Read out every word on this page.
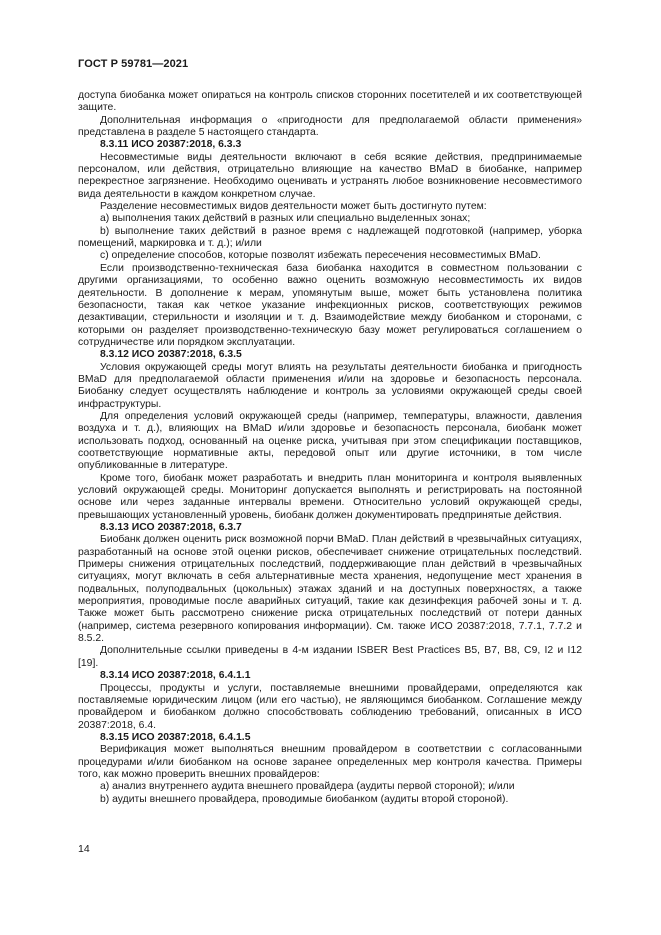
ГОСТ Р 59781—2021

доступа биобанка может опираться на контроль списков сторонних посетителей и их соответствующей защите.

Дополнительная информация о «пригодности для предполагаемой области применения» представлена в разделе 5 настоящего стандарта.

8.3.11 ИСО 20387:2018, 6.3.3

Несовместимые виды деятельности включают в себя всякие действия, предпринимаемые персоналом, или действия, отрицательно влияющие на качество BMaD в биобанке, например перекрестное загрязнение. Необходимо оценивать и устранять любое возникновение несовместимого вида деятельности в каждом конкретном случае.

Разделение несовместимых видов деятельности может быть достигнуто путем:

a) выполнения таких действий в разных или специально выделенных зонах;

b) выполнение таких действий в разное время с надлежащей подготовкой (например, уборка помещений, маркировка и т. д.); и/или

c) определение способов, которые позволят избежать пересечения несовместимых BMaD.

Если производственно-техническая база биобанка находится в совместном пользовании с другими организациями, то особенно важно оценить возможную несовместимость их видов деятельности. В дополнение к мерам, упомянутым выше, может быть установлена политика безопасности, такая как четкое указание инфекционных рисков, соответствующих режимов дезактивации, стерильности и изоляции и т. д. Взаимодействие между биобанком и сторонами, с которыми он разделяет производственно-техническую базу может регулироваться соглашением о сотрудничестве или порядком эксплуатации.

8.3.12 ИСО 20387:2018, 6.3.5

Условия окружающей среды могут влиять на результаты деятельности биобанка и пригодность BMaD для предполагаемой области применения и/или на здоровье и безопасность персонала. Биобанку следует осуществлять наблюдение и контроль за условиями окружающей среды своей инфраструктуры.

Для определения условий окружающей среды (например, температуры, влажности, давления воздуха и т. д.), влияющих на BMaD и/или здоровье и безопасность персонала, биобанк может использовать подход, основанный на оценке риска, учитывая при этом спецификации поставщиков, соответствующие нормативные акты, передовой опыт или другие источники, в том числе опубликованные в литературе.

Кроме того, биобанк может разработать и внедрить план мониторинга и контроля выявленных условий окружающей среды. Мониторинг допускается выполнять и регистрировать на постоянной основе или через заданные интервалы времени. Относительно условий окружающей среды, превышающих установленный уровень, биобанк должен документировать предпринятые действия.

8.3.13 ИСО 20387:2018, 6.3.7

Биобанк должен оценить риск возможной порчи BMaD. План действий в чрезвычайных ситуациях, разработанный на основе этой оценки рисков, обеспечивает снижение отрицательных последствий. Примеры снижения отрицательных последствий, поддерживающие план действий в чрезвычайных ситуациях, могут включать в себя альтернативные места хранения, недопущение мест хранения в подвальных, полуподвальных (цокольных) этажах зданий и на доступных поверхностях, а также мероприятия, проводимые после аварийных ситуаций, такие как дезинфекция рабочей зоны и т. д. Также может быть рассмотрено снижение риска отрицательных последствий от потери данных (например, система резервного копирования информации). См. также ИСО 20387:2018, 7.7.1, 7.7.2 и 8.5.2.

Дополнительные ссылки приведены в 4-м издании ISBER Best Practices B5, B7, B8, C9, I2 и I12 [19].

8.3.14 ИСО 20387:2018, 6.4.1.1

Процессы, продукты и услуги, поставляемые внешними провайдерами, определяются как поставляемые юридическим лицом (или его частью), не являющимся биобанком. Соглашение между провайдером и биобанком должно способствовать соблюдению требований, описанных в ИСО 20387:2018, 6.4.

8.3.15 ИСО 20387:2018, 6.4.1.5

Верификация может выполняться внешним провайдером в соответствии с согласованными процедурами и/или биобанком на основе заранее определенных мер контроля качества. Примеры того, как можно проверить внешних провайдеров:

a) анализ внутреннего аудита внешнего провайдера (аудиты первой стороной); и/или

b) аудиты внешнего провайдера, проводимые биобанком (аудиты второй стороной).

14
